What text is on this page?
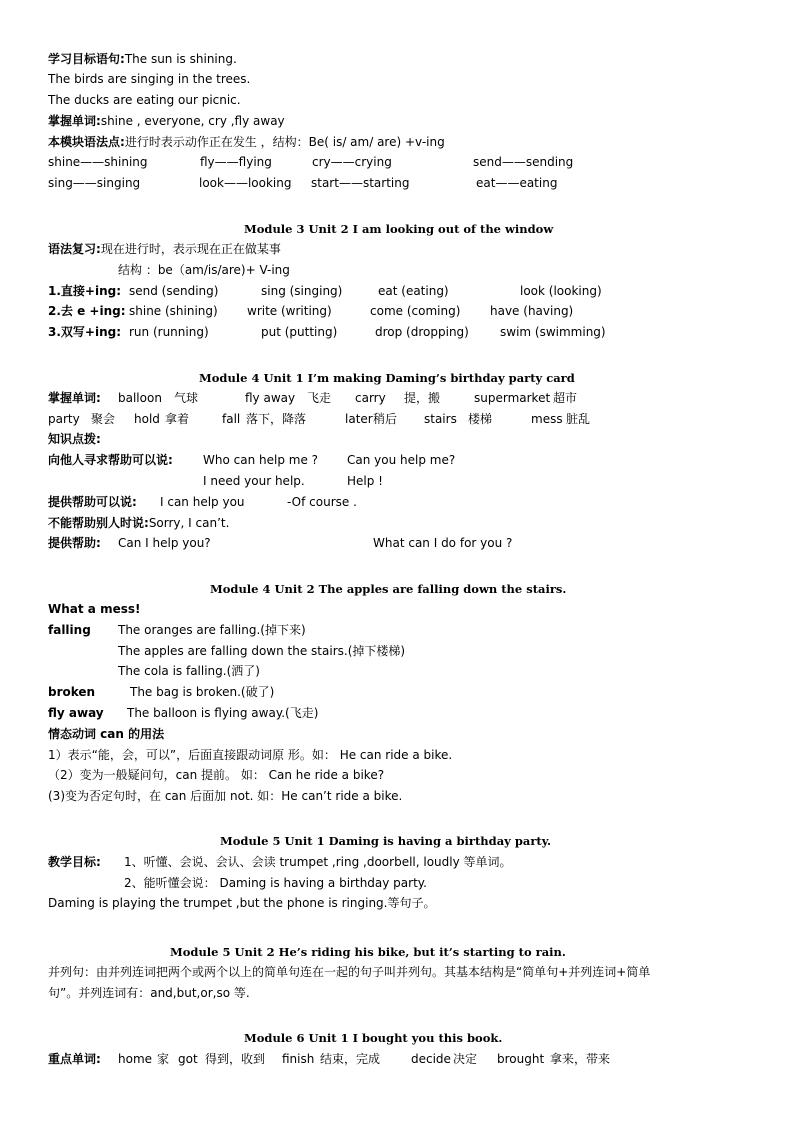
学习目标语句:The sun is shining.
The birds are singing in the trees.
The ducks are eating our picnic.
掌握单词:shine , everyone, cry ,fly away
本模块语法点:进行时表示动作正在发生 ，结构：Be( is/ am/ are) +v-ing
shine——shining	fly——flying	cry——crying	send——sending
sing——singing	look——looking start——starting	eat——eating
Module 3 Unit 2 I am looking out of the window
语法复习:现在进行时，表示现在正在做某事
结构 ：be（am/is/are)+ V-ing
1.直接+ing: send (sending)	sing (singing)	eat (eating)	look (looking)
2.去 e +ing: shine (shining) write (writing)	come (coming) have (having)
3.双写+ing: run (running)	put (putting)	drop (dropping)	swim (swimming)
Module 4 Unit 1 I’m making Daming’s birthday party card
掌握单词: balloon 气球	fly away 飞走 carry 提，搬	supermarket 超市
party 聚会 hold 拿着	fall 落下，降落	later 稍后 stairs 楼梯	mess 脏乱
知识点拨:
向他人寻求帮助可以说:	Who can help me ? Can you help me?
I need your help.	Help !
提供帮助可以说: I can help you	-Of course .
不能帮助别人时说:Sorry, I can’t.
提供帮助: Can I help you?	What can I do for you ?
Module 4 Unit 2 The apples are falling down the stairs.
What a mess!
falling The oranges are falling.(掉下来)
The apples are falling down the stairs.(掉下楼梯)
The cola is falling.(洒了)
broken	The bag is broken.(破了)
fly away The balloon is flying away.(飞走)
情态动词 can 的用法
1）表示“能，会，可以”，后面直接跟动词原 形。如： He can ride a bike.
（2）变为一般疑问句，can 提前。 如： Can he ride a bike?
(3)变为否定句时，在 can 后面加 not. 如：He can’t ride a bike.
Module 5 Unit 1 Daming is having a birthday party.
教学目标: 1、听懂、会说、会认、会读 trumpet ,ring ,doorbell, loudly 等单词。
2、能听懂会说： Daming is having a birthday party.
Daming is playing the trumpet ,but the phone is ringing.等句子。
Module 5 Unit 2 He’s riding his bike, but it’s starting to rain.
并列句：由并列连词把两个或两个以上的简单句连在一起的句子叫并列句。其基本结构是“简单句+并列连词+简单
句”。并列连词有：and,but,or,so 等.
Module 6 Unit 1 I bought you this book.
重点单词: home 家 got 得到，收到 finish 结束，完成	decide 决定 brought 拿来，带来
